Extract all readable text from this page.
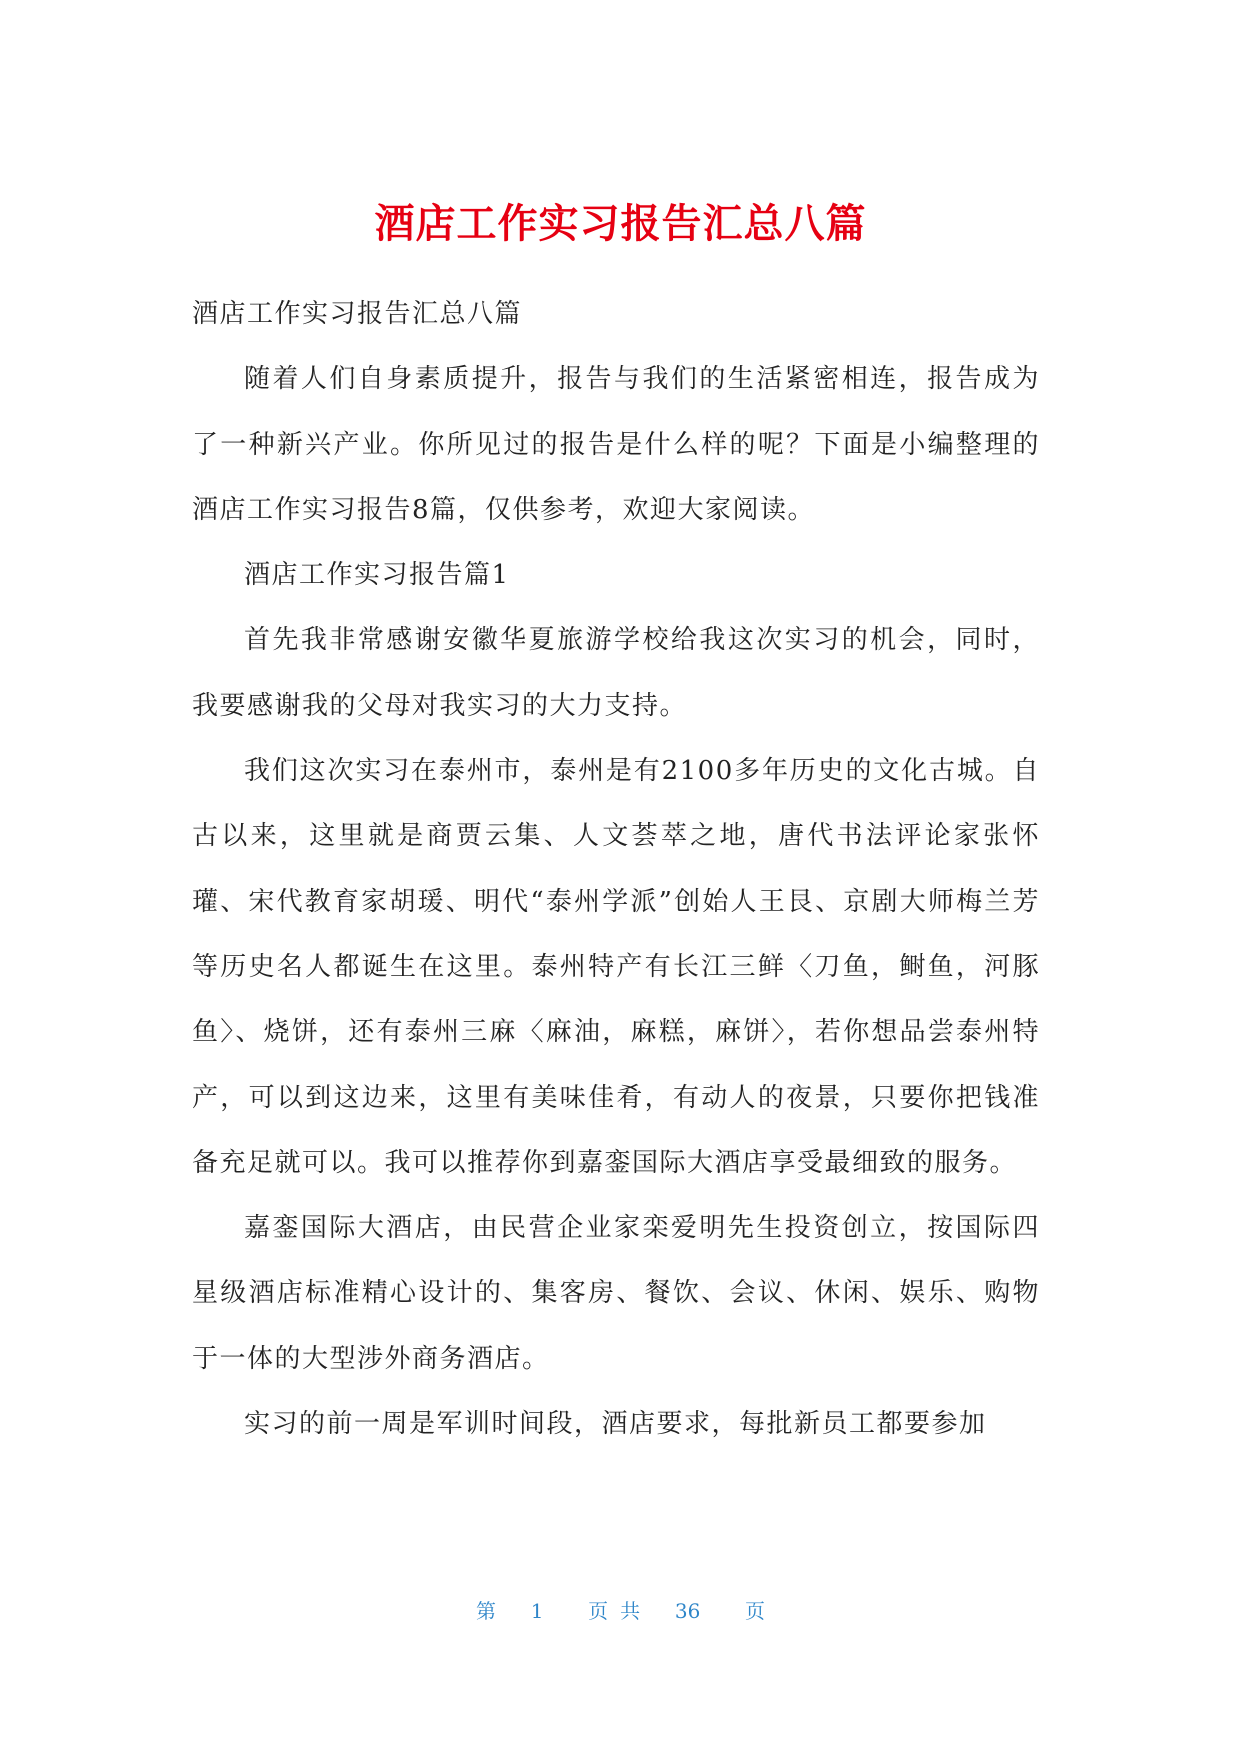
酒店工作实习报告汇总八篇

酒店工作实习报告汇总八篇

随着人们自身素质提升，报告与我们的生活紧密相连，报告成为了一种新兴产业。你所见过的报告是什么样的呢？下面是小编整理的酒店工作实习报告8篇，仅供参考，欢迎大家阅读。

酒店工作实习报告篇1

首先我非常感谢安徽华夏旅游学校给我这次实习的机会，同时，我要感谢我的父母对我实习的大力支持。

我们这次实习在泰州市，泰州是有2100多年历史的文化古城。自古以来，这里就是商贾云集、人文荟萃之地，唐代书法评论家张怀瓘、宋代教育家胡瑗、明代“泰州学派”创始人王艮、京剧大师梅兰芳等历史名人都诞生在这里。泰州特产有长江三鲜〈刀鱼，鲥鱼，河豚鱼〉、烧饼，还有泰州三麻〈麻油，麻糕，麻饼〉，若你想品尝泰州特产，可以到这边来，这里有美味佳肴，有动人的夜景，只要你把钱准备充足就可以。我可以推荐你到嘉銮国际大酒店享受最细致的服务。

嘉銮国际大酒店，由民营企业家栾爱明先生投资创立，按国际四星级酒店标准精心设计的、集客房、餐饮、会议、休闲、娱乐、购物于一体的大型涉外商务酒店。

实习的前一周是军训时间段，酒店要求，每批新员工都要参加

第 1 页共 36 页
